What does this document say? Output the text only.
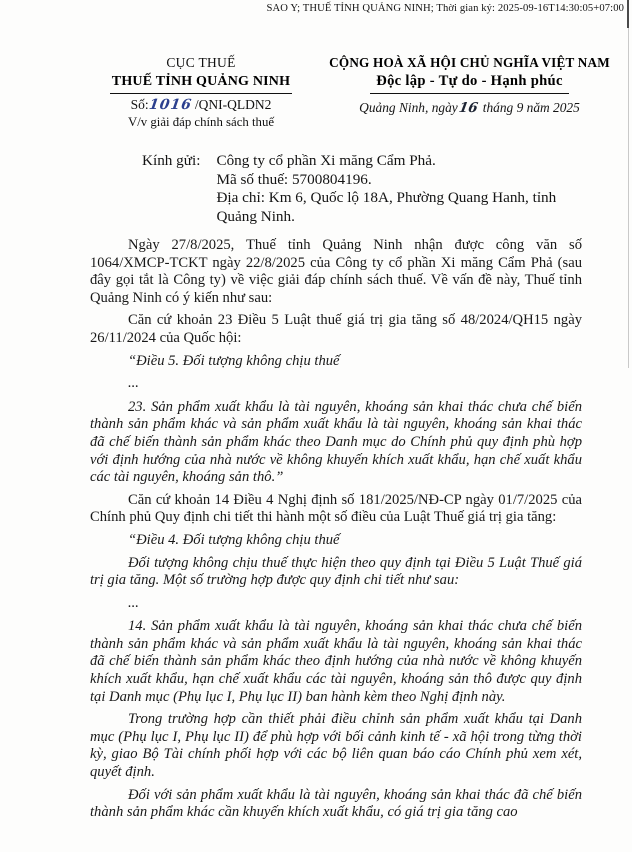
SAO Y; THUẾ TỈNH QUẢNG NINH; Thời gian ký: 2025-09-16T14:30:05+07:00
CỤC THUẾ
THUẾ TỈNH QUẢNG NINH
Số:1016 /QNI-QLDN2
V/v giải đáp chính sách thuế
CỘNG HOÀ XÃ HỘI CHỦ NGHĨA VIỆT NAM
Độc lập - Tự do - Hạnh phúc
Quảng Ninh, ngày16 tháng 9 năm 2025
Kính gửi: Công ty cổ phần Xi măng Cẩm Phả.
Mã số thuế: 5700804196.
Địa chỉ: Km 6, Quốc lộ 18A, Phường Quang Hanh, tỉnh
Quảng Ninh.

Ngày 27/8/2025, Thuế tỉnh Quảng Ninh nhận được công văn số 1064/XMCP-TCKT ngày 22/8/2025 của Công ty cổ phần Xi măng Cẩm Phả (sau đây gọi tắt là Công ty) về việc giải đáp chính sách thuế. Về vấn đề này, Thuế tỉnh Quảng Ninh có ý kiến như sau:

Căn cứ khoản 23 Điều 5 Luật thuế giá trị gia tăng số 48/2024/QH15 ngày 26/11/2024 của Quốc hội:

“Điều 5. Đối tượng không chịu thuế

...

23. Sản phẩm xuất khẩu là tài nguyên, khoáng sản khai thác chưa chế biến thành sản phẩm khác và sản phẩm xuất khẩu là tài nguyên, khoáng sản khai thác đã chế biến thành sản phẩm khác theo Danh mục do Chính phủ quy định phù hợp với định hướng của nhà nước về không khuyến khích xuất khẩu, hạn chế xuất khẩu các tài nguyên, khoáng sản thô.”

Căn cứ khoản 14 Điều 4 Nghị định số 181/2025/NĐ-CP ngày 01/7/2025 của Chính phủ Quy định chi tiết thi hành một số điều của Luật Thuế giá trị gia tăng:

“Điều 4. Đối tượng không chịu thuế

Đối tượng không chịu thuế thực hiện theo quy định tại Điều 5 Luật Thuế giá trị gia tăng. Một số trường hợp được quy định chi tiết như sau:

...

14. Sản phẩm xuất khẩu là tài nguyên, khoáng sản khai thác chưa chế biến thành sản phẩm khác và sản phẩm xuất khẩu là tài nguyên, khoáng sản khai thác đã chế biến thành sản phẩm khác theo định hướng của nhà nước về không khuyến khích xuất khẩu, hạn chế xuất khẩu các tài nguyên, khoáng sản thô được quy định tại Danh mục (Phụ lục I, Phụ lục II) ban hành kèm theo Nghị định này.

Trong trường hợp cần thiết phải điều chỉnh sản phẩm xuất khẩu tại Danh mục (Phụ lục I, Phụ lục II) để phù hợp với bối cảnh kinh tế - xã hội trong từng thời kỳ, giao Bộ Tài chính phối hợp với các bộ liên quan báo cáo Chính phủ xem xét, quyết định.

Đối với sản phẩm xuất khẩu là tài nguyên, khoáng sản khai thác đã chế biến thành sản phẩm khác cần khuyến khích xuất khẩu, có giá trị gia tăng cao
